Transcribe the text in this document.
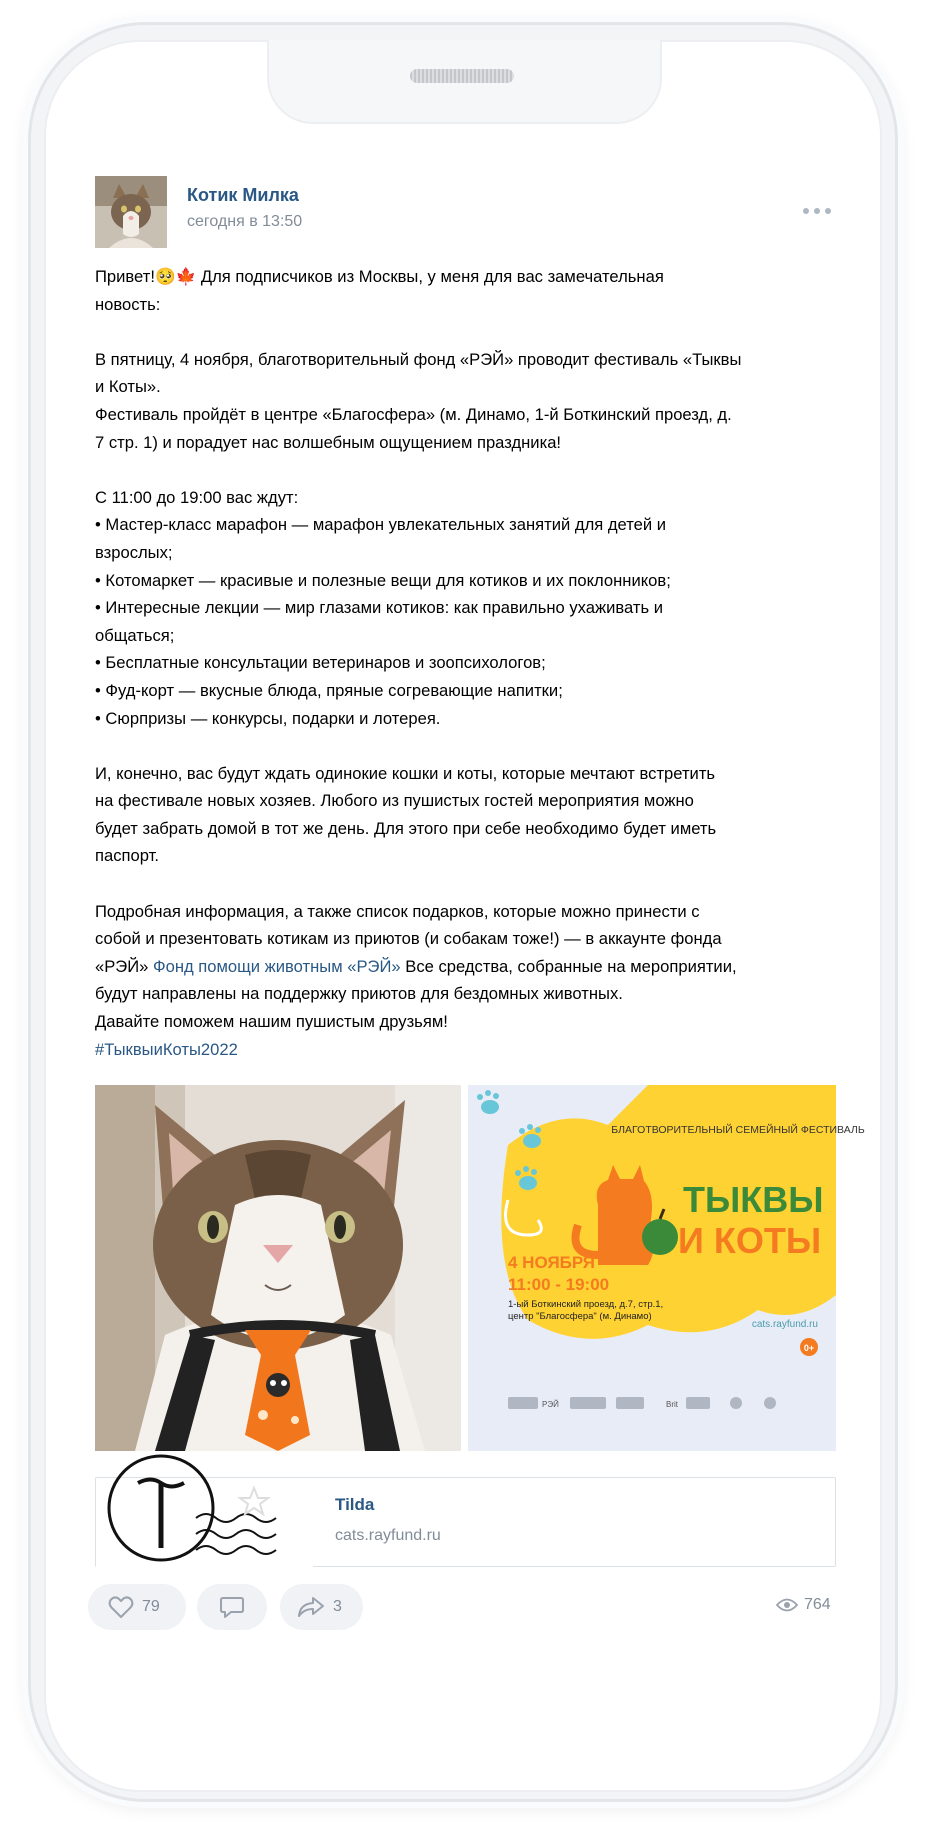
Котик Милка
сегодня в 13:50

Привет!🥺🍁 Для подписчиков из Москвы, у меня для вас замечательная
новость:

В пятницу, 4 ноября, благотворительный фонд «РЭЙ» проводит фестиваль «Тыквы
и Коты».
Фестиваль пройдёт в центре «Благосфера» (м. Динамо, 1-й Боткинский проезд, д.
7 стр. 1) и порадует нас волшебным ощущением праздника!

С 11:00 до 19:00 вас ждут:
• Мастер-класс марафон — марафон увлекательных занятий для детей и
взрослых;
• Котомаркет — красивые и полезные вещи для котиков и их поклонников;
• Интересные лекции — мир глазами котиков: как правильно ухаживать и
общаться;
• Бесплатные консультации ветеринаров и зоопсихологов;
• Фуд-корт — вкусные блюда, пряные согревающие напитки;
• Сюрпризы — конкурсы, подарки и лотерея.

И, конечно, вас будут ждать одинокие кошки и коты, которые мечтают встретить
на фестивале новых хозяев. Любого из пушистых гостей мероприятия можно
будет забрать домой в тот же день. Для этого при себе необходимо будет иметь
паспорт.

Подробная информация, а также список подарков, которые можно принести с
собой и презентовать котикам из приютов (и собакам тоже!) — в аккаунте фонда
«РЭЙ» Фонд помощи животным «РЭЙ» Все средства, собранные на мероприятии,
будут направлены на поддержку приютов для бездомных животных.
Давайте поможем нашим пушистым друзьям!

#ТыквыиКоты2022

БЛАГОТВОРИТЕЛЬНЫЙ СЕМЕЙНЫЙ ФЕСТИВАЛЬ
ТЫКВЫ
И КОТЫ
4 НОЯБРЯ
11:00 - 19:00
1-ый Боткинский проезд, д.7, стр.1,
центр "Благосфера" (м. Динамо)
cats.rayfund.ru
0+
РЭЙ	Brit
Tilda
cats.rayfund.ru
79	3	764
